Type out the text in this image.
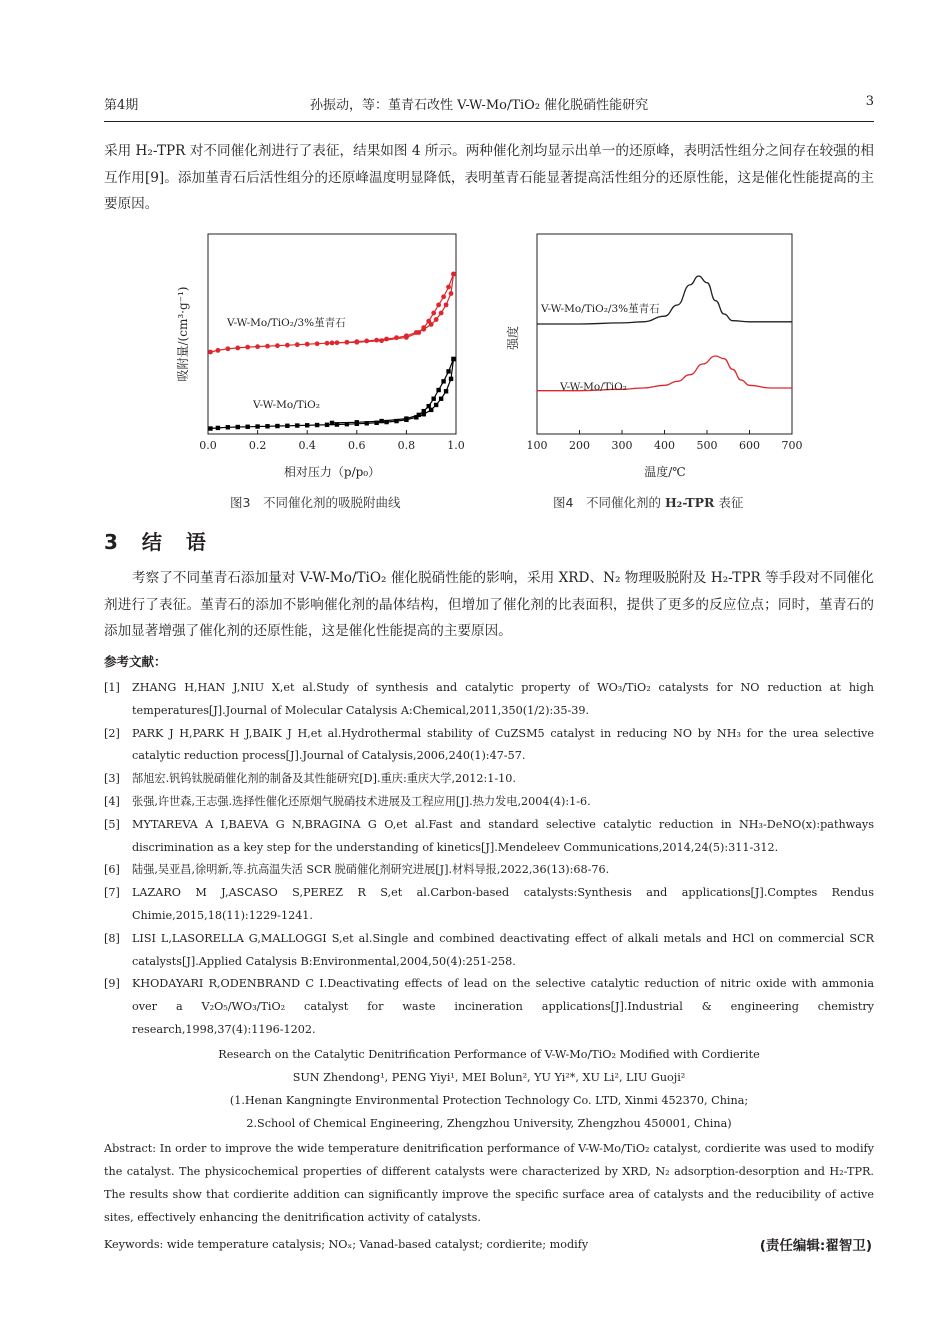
第4期	孙振动，等：堇青石改性 V-W-Mo/TiO₂ 催化脱硝性能研究	3
采用 H₂-TPR 对不同催化剂进行了表征，结果如图 4 所示。两种催化剂均显示出单一的还原峰，表明活性组分之间存在较强的相互作用[9]。添加堇青石后活性组分的还原峰温度明显降低，表明堇青石能显著提高活性组分的还原性能，这是催化性能提高的主要原因。
0.0	0.2	0.4	0.6	0.8	1.0
吸附量/(cm³·g⁻¹)
相对压力（p/p₀）
V-W-Mo/TiO₂/3%堇青石
V-W-Mo/TiO₂
图3　不同催化剂的吸脱附曲线
100 200 300 400 500 600 700
强度
温度/℃
V-W-Mo/TiO₂/3%堇青石
V-W-Mo/TiO₂
图4　不同催化剂的 H₂-TPR 表征
3　结　语
考察了不同堇青石添加量对 V-W-Mo/TiO₂ 催化脱硝性能的影响，采用 XRD、N₂ 物理吸脱附及 H₂-TPR 等手段对不同催化剂进行了表征。堇青石的添加不影响催化剂的晶体结构，但增加了催化剂的比表面积，提供了更多的反应位点；同时，堇青石的添加显著增强了催化剂的还原性能，这是催化性能提高的主要原因。
参考文献：
[1]	ZHANG H,HAN J,NIU X,et al.Study of synthesis and catalytic property of WO₃/TiO₂ catalysts for NO reduction at high temperatures[J].Journal of Molecular Catalysis A:Chemical,2011,350(1/2):35-39.
[2]	PARK J H,PARK H J,BAIK J H,et al.Hydrothermal stability of CuZSM5 catalyst in reducing NO by NH₃ for the urea selective catalytic reduction process[J].Journal of Catalysis,2006,240(1):47-57.
[3]	郜旭宏.钒钨钛脱硝催化剂的制备及其性能研究[D].重庆:重庆大学,2012:1-10.
[4]	张强,许世森,王志强.选择性催化还原烟气脱硝技术进展及工程应用[J].热力发电,2004(4):1-6.
[5]	MYTAREVA A I,BAEVA G N,BRAGINA G O,et al.Fast and standard selective catalytic reduction in NH₃-DeNO(x):pathways discrimination as a key step for the understanding of kinetics[J].Mendeleev Communications,2014,24(5):311-312.
[6]	陆强,吴亚昌,徐明新,等.抗高温失活 SCR 脱硝催化剂研究进展[J].材料导报,2022,36(13):68-76.
[7]	LAZARO M J,ASCASO S,PEREZ R S,et al.Carbon-based catalysts:Synthesis and applications[J].Comptes Rendus Chimie,2015,18(11):1229-1241.
[8]	LISI L,LASORELLA G,MALLOGGI S,et al.Single and combined deactivating effect of alkali metals and HCl on commercial SCR catalysts[J].Applied Catalysis B:Environmental,2004,50(4):251-258.
[9]	KHODAYARI R,ODENBRAND C I.Deactivating effects of lead on the selective catalytic reduction of nitric oxide with ammonia over a V₂O₅/WO₃/TiO₂ catalyst for waste incineration applications[J].Industrial & engineering chemistry research,1998,37(4):1196-1202.
Research on the Catalytic Denitrification Performance of V-W-Mo/TiO₂ Modified with Cordierite
SUN Zhendong¹, PENG Yiyi¹, MEI Bolun², YU Yi²*, XU Li², LIU Guoji²
(1.Henan Kangningte Environmental Protection Technology Co. LTD, Xinmi 452370, China;
2.School of Chemical Engineering, Zhengzhou University, Zhengzhou 450001, China)
Abstract: In order to improve the wide temperature denitrification performance of V-W-Mo/TiO₂ catalyst, cordierite was used to modify the catalyst. The physicochemical properties of different catalysts were characterized by XRD, N₂ adsorption-desorption and H₂-TPR. The results show that cordierite addition can significantly improve the specific surface area of catalysts and the reducibility of active sites, effectively enhancing the denitrification activity of catalysts.
Keywords: wide temperature catalysis; NOₓ; Vanad-based catalyst; cordierite; modify	(责任编辑:翟智卫)
